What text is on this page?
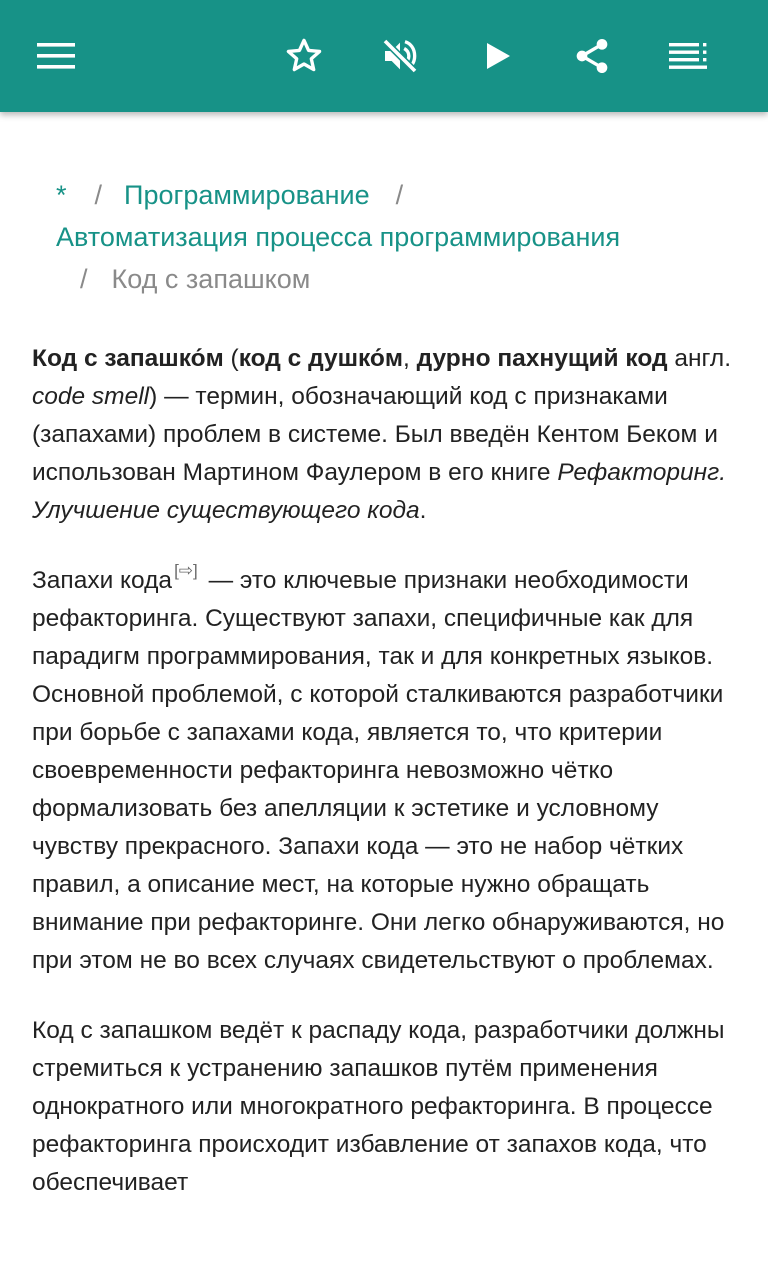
* / Программирование /
Автоматизация процесса программирования
/ Код с запашком

Код с запашко́м (код с душко́м, дурно пахнущий код англ. code smell) — термин, обозначающий код с признаками (запахами) проблем в системе. Был введён Кентом Беком и использован Мартином Фаулером в его книге Рефакторинг. Улучшение существующего кода.

Запахи кода [⇨] — это ключевые признаки необходимости рефакторинга. Существуют запахи, специфичные как для парадигм программирования, так и для конкретных языков. Основной проблемой, с которой сталкиваются разработчики при борьбе с запахами кода, является то, что критерии своевременности рефакторинга невозможно чётко формализовать без апелляции к эстетике и условному чувству прекрасного. Запахи кода — это не набор чётких правил, а описание мест, на которые нужно обращать внимание при рефакторинге. Они легко обнаруживаются, но при этом не во всех случаях свидетельствуют о проблемах.

Код с запашком ведёт к распаду кода, разработчики должны стремиться к устранению запашков путём применения однократного или многократного рефакторинга. В процессе рефакторинга происходит избавление от запахов кода, что обеспечивает
